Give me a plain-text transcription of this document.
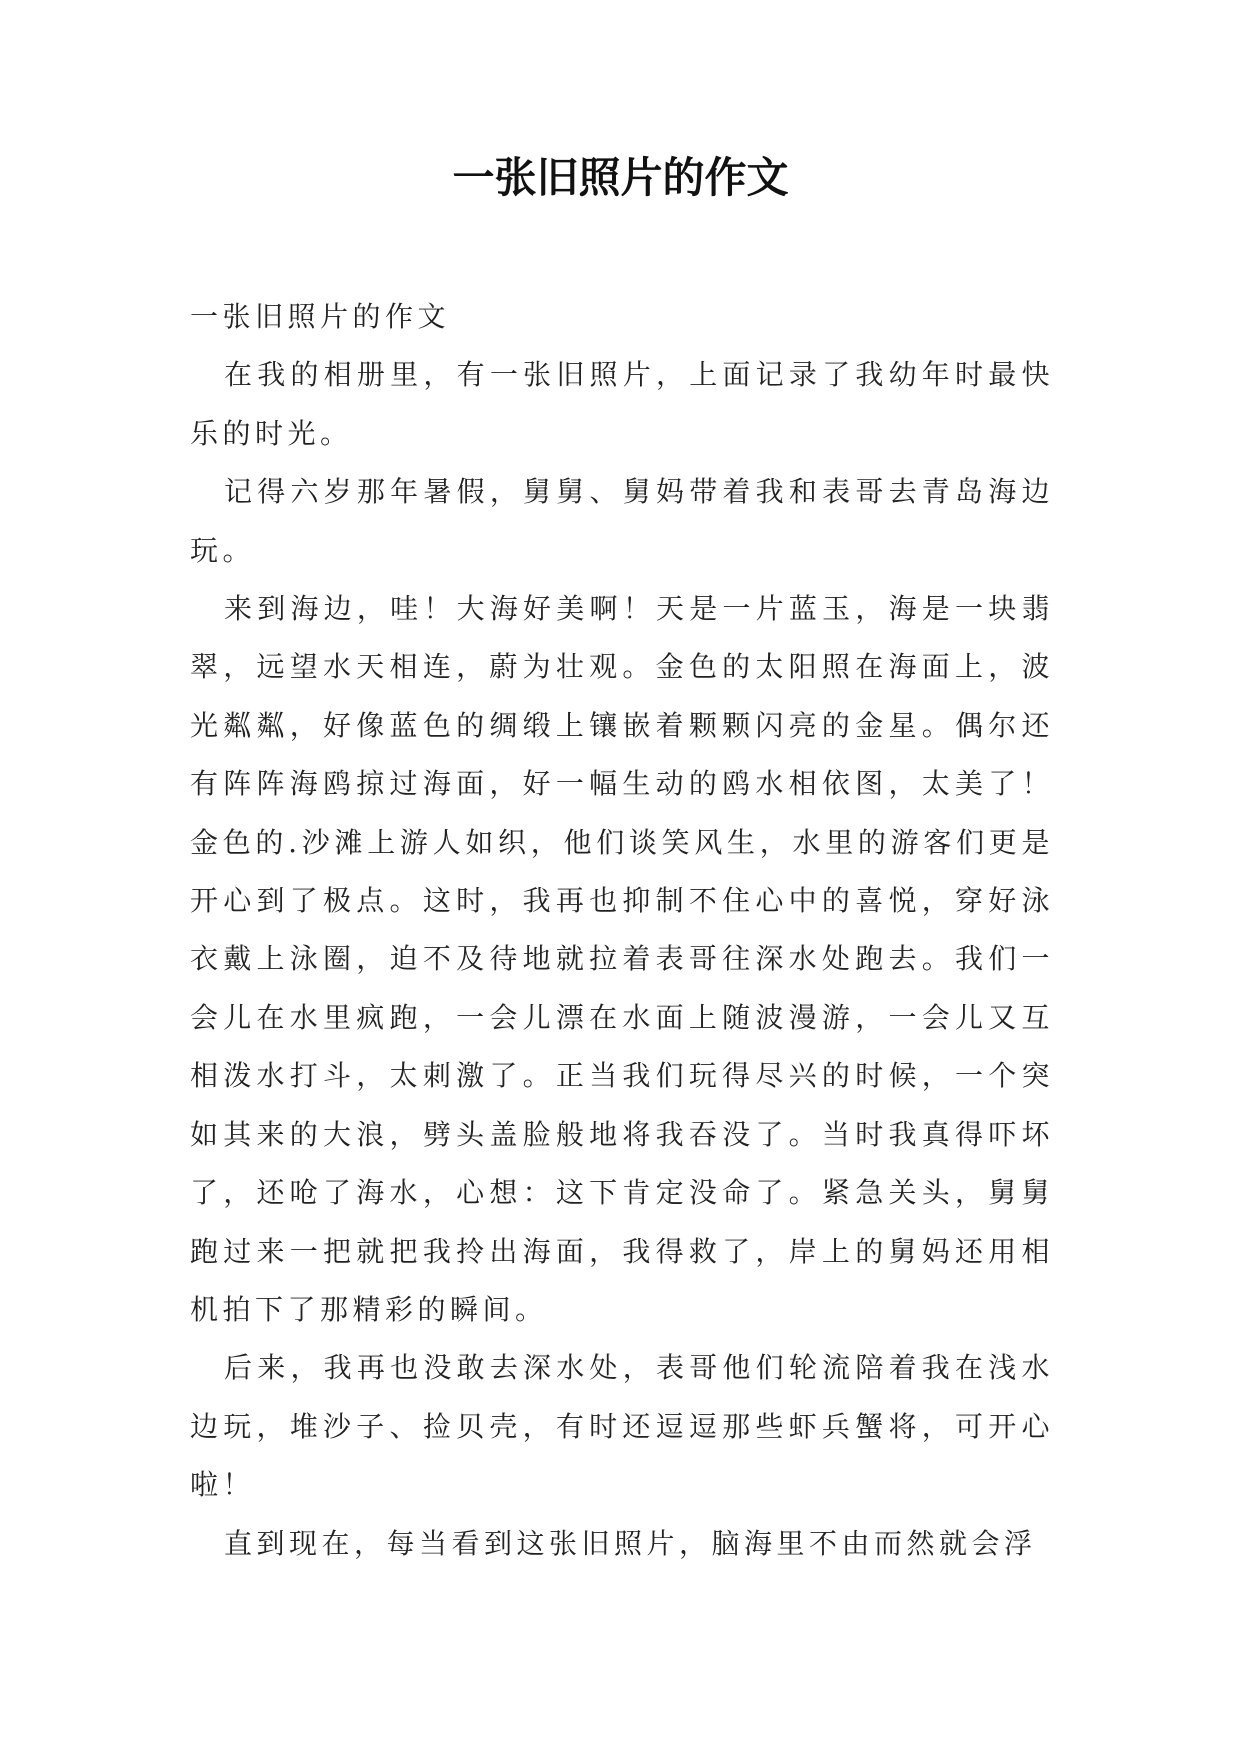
一张旧照片的作文

一张旧照片的作文

在我的相册里，有一张旧照片，上面记录了我幼年时最快乐的时光。

记得六岁那年暑假，舅舅、舅妈带着我和表哥去青岛海边玩。

来到海边，哇！大海好美啊！天是一片蓝玉，海是一块翡翠，远望水天相连，蔚为壮观。金色的太阳照在海面上，波光粼粼，好像蓝色的绸缎上镶嵌着颗颗闪亮的金星。偶尔还有阵阵海鸥掠过海面，好一幅生动的鸥水相依图，太美了！金色的.沙滩上游人如织，他们谈笑风生，水里的游客们更是开心到了极点。这时，我再也抑制不住心中的喜悦，穿好泳衣戴上泳圈，迫不及待地就拉着表哥往深水处跑去。我们一会儿在水里疯跑，一会儿漂在水面上随波漫游，一会儿又互相泼水打斗，太刺激了。正当我们玩得尽兴的时候，一个突如其来的大浪，劈头盖脸般地将我吞没了。当时我真得吓坏了，还呛了海水，心想：这下肯定没命了。紧急关头，舅舅跑过来一把就把我拎出海面，我得救了，岸上的舅妈还用相机拍下了那精彩的瞬间。

后来，我再也没敢去深水处，表哥他们轮流陪着我在浅水边玩，堆沙子、捡贝壳，有时还逗逗那些虾兵蟹将，可开心啦！

直到现在，每当看到这张旧照片，脑海里不由而然就会浮
